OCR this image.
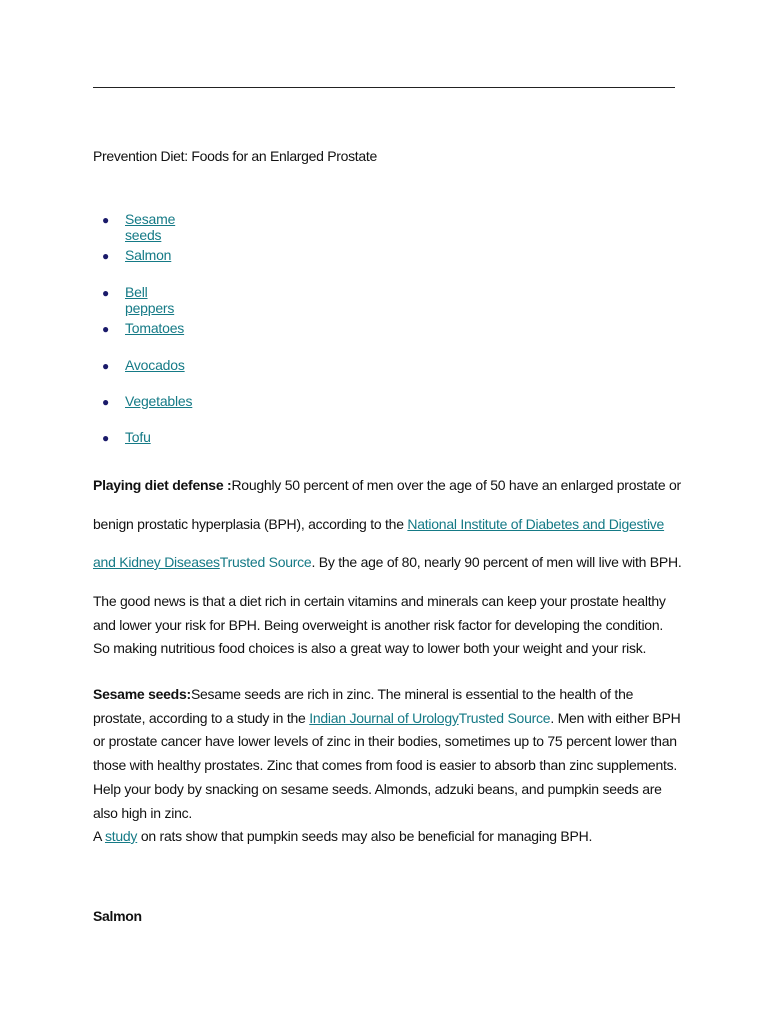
Prevention Diet: Foods for an Enlarged Prostate
● Sesame seeds
● Salmon
● Bell peppers
● Tomatoes
● Avocados
● Vegetables
● Tofu

Playing diet defense :Roughly 50 percent of men over the age of 50 have an enlarged prostate or benign prostatic hyperplasia (BPH), according to the National Institute of Diabetes and Digestive and Kidney DiseasesTrusted Source. By the age of 80, nearly 90 percent of men will live with BPH.

The good news is that a diet rich in certain vitamins and minerals can keep your prostate healthy and lower your risk for BPH. Being overweight is another risk factor for developing the condition. So making nutritious food choices is also a great way to lower both your weight and your risk.

Sesame seeds:Sesame seeds are rich in zinc. The mineral is essential to the health of the prostate, according to a study in the Indian Journal of UrologyTrusted Source. Men with either BPH or prostate cancer have lower levels of zinc in their bodies, sometimes up to 75 percent lower than those with healthy prostates. Zinc that comes from food is easier to absorb than zinc supplements. Help your body by snacking on sesame seeds. Almonds, adzuki beans, and pumpkin seeds are also high in zinc.

A study on rats show that pumpkin seeds may also be beneficial for managing BPH.

Salmon
